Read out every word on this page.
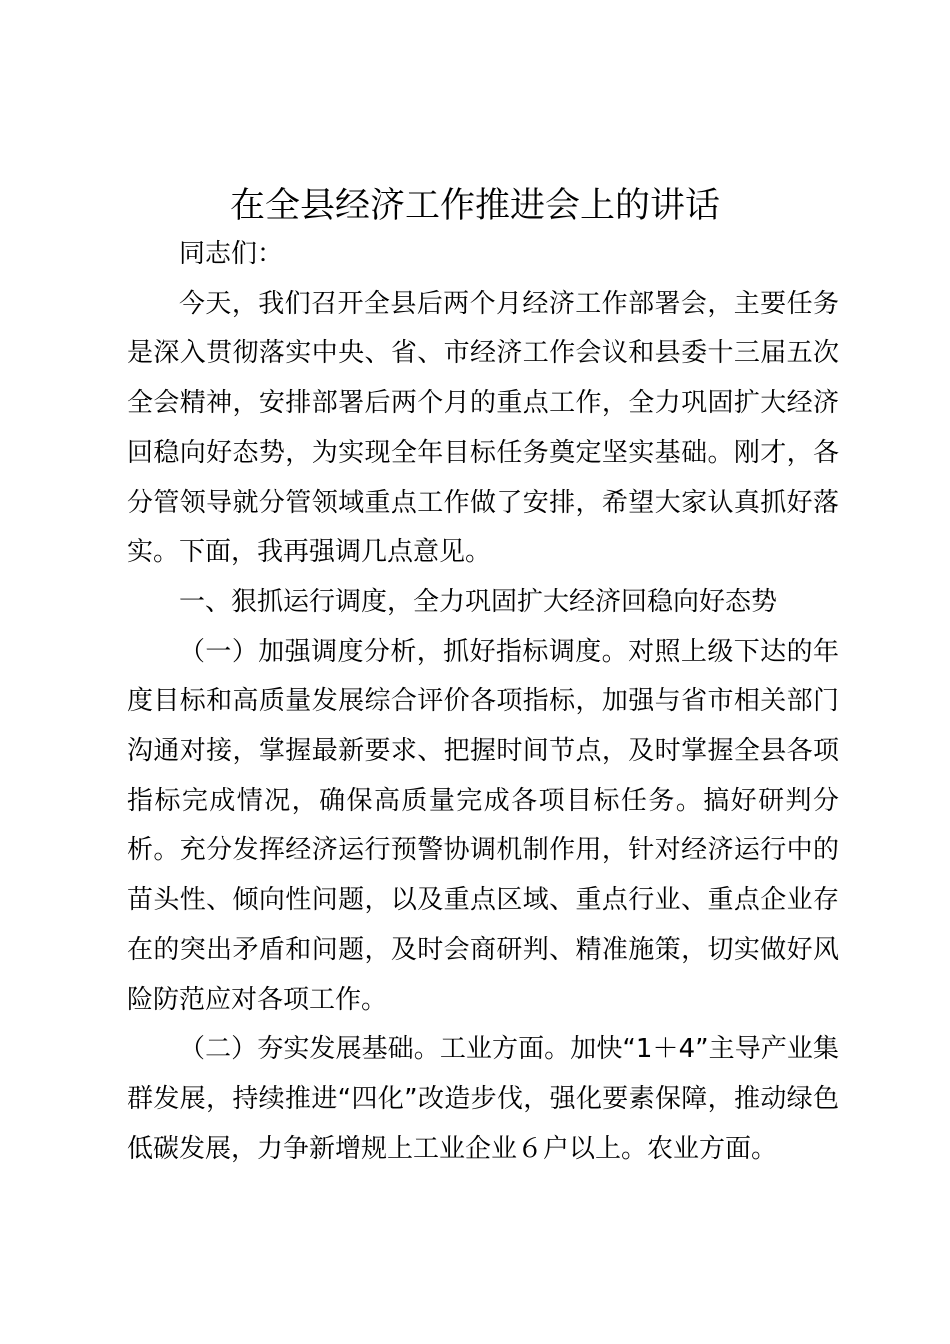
在全县经济工作推进会上的讲话

同志们：

今天，我们召开全县后两个月经济工作部署会，主要任务是深入贯彻落实中央、省、市经济工作会议和县委十三届五次全会精神，安排部署后两个月的重点工作，全力巩固扩大经济回稳向好态势，为实现全年目标任务奠定坚实基础。刚才，各分管领导就分管领域重点工作做了安排，希望大家认真抓好落实。下面，我再强调几点意见。

一、狠抓运行调度，全力巩固扩大经济回稳向好态势

（一）加强调度分析，抓好指标调度。对照上级下达的年度目标和高质量发展综合评价各项指标，加强与省市相关部门沟通对接，掌握最新要求、把握时间节点，及时掌握全县各项指标完成情况，确保高质量完成各项目标任务。搞好研判分析。充分发挥经济运行预警协调机制作用，针对经济运行中的苗头性、倾向性问题，以及重点区域、重点行业、重点企业存在的突出矛盾和问题，及时会商研判、精准施策，切实做好风险防范应对各项工作。

（二）夯实发展基础。工业方面。加快“1＋4”主导产业集群发展，持续推进“四化”改造步伐，强化要素保障，推动绿色低碳发展，力争新增规上工业企业６户以上。农业方面。
